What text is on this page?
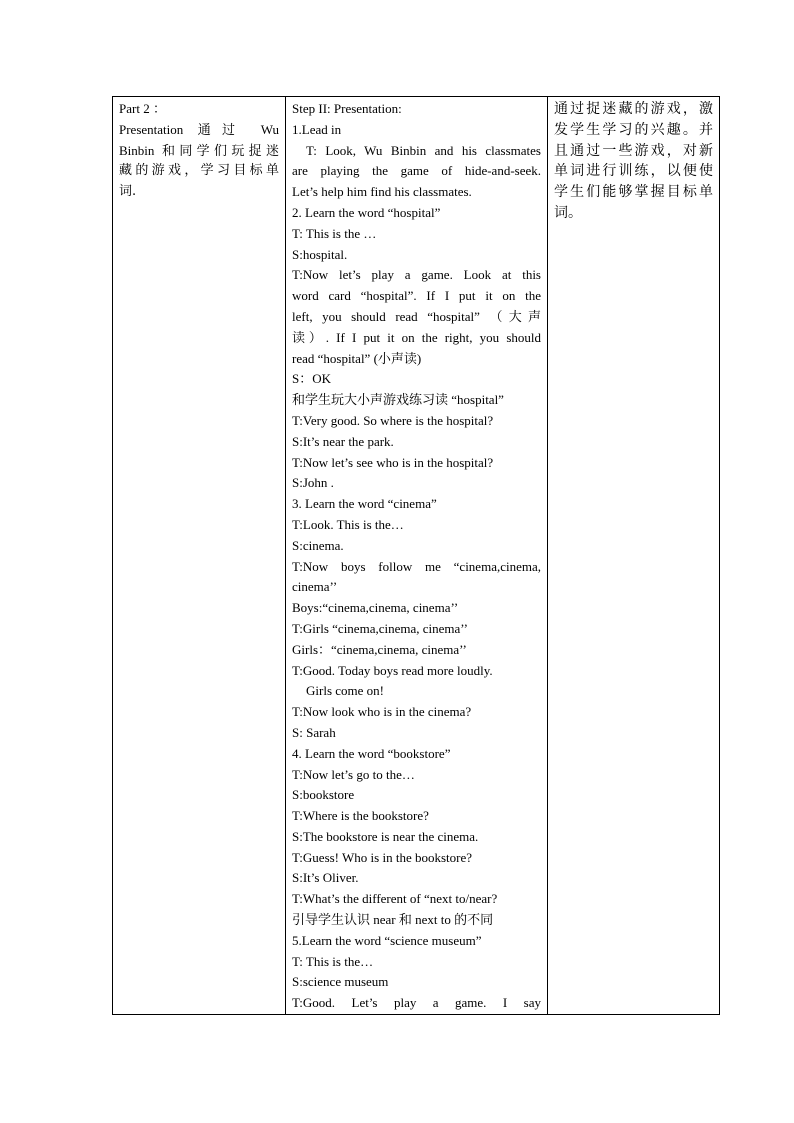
Part 2 ：
Presentation 通过 Wu
Binbin 和同学们玩捉迷
藏的游戏，学习目标单
词.

Step II: Presentation:
1.Lead in
T: Look, Wu Binbin and his classmates
are playing the game of hide-and-seek.
Let’s help him find his classmates.
2. Learn the word “hospital”
T: This is the …
S:hospital.
T:Now let’s play a game. Look at this
word card “hospital”. If I put it on the
left, you should read “hospital” （大声
读）. If I put it on the right, you should
read “hospital” (小声读)
S：OK
和学生玩大小声游戏练习读 “hospital”
T:Very good. So where is the hospital?
S:It’s near the park.
T:Now let’s see who is in the hospital?
S:John .
3. Learn the word “cinema”
T:Look. This is the…
S:cinema.
T:Now boys follow me “cinema,cinema,
cinema’’
Boys:“cinema,cinema, cinema’’
T:Girls “cinema,cinema, cinema’’
Girls：“cinema,cinema, cinema’’
T:Good. Today boys read more loudly.
Girls come on!
T:Now look who is in the cinema?
S: Sarah
4. Learn the word “bookstore”
T:Now let’s go to the…
S:bookstore
T:Where is the bookstore?
S:The bookstore is near the cinema.
T:Guess! Who is in the bookstore?
S:It’s Oliver.
T:What’s the different of “next to/near?
引导学生认识 near 和 next to 的不同
5.Learn the word “science museum”
T: This is the…
S:science museum
T:Good. Let’s play a game. I say

通过捉迷藏的游戏，激
发学生学习的兴趣。并
且通过一些游戏，对新
单词进行训练，以便使
学生们能够掌握目标单
词。
